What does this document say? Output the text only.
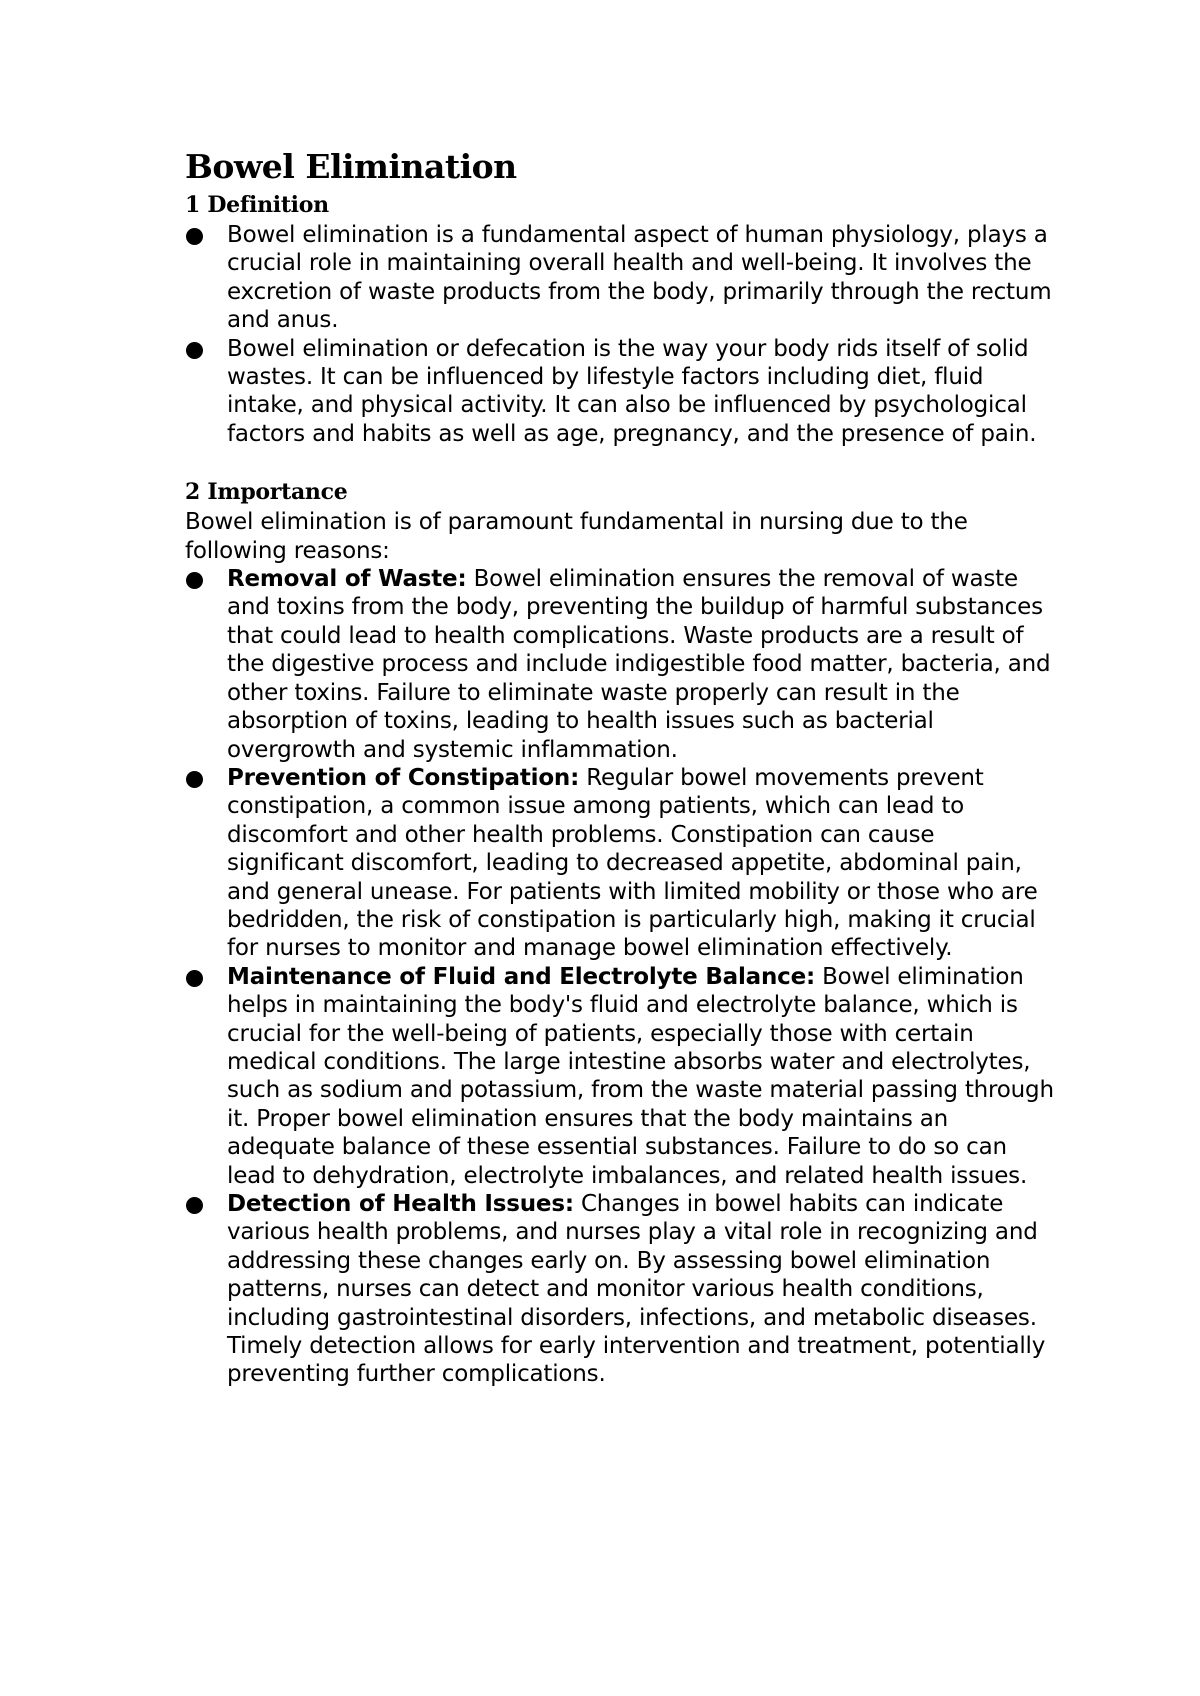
Bowel Elimination
1 Definition
Bowel elimination is a fundamental aspect of human physiology, plays a crucial role in maintaining overall health and well-being. It involves the excretion of waste products from the body, primarily through the rectum and anus.
Bowel elimination or defecation is the way your body rids itself of solid wastes. It can be influenced by lifestyle factors including diet, fluid intake, and physical activity. It can also be influenced by psychological factors and habits as well as age, pregnancy, and the presence of pain.
2 Importance

Bowel elimination is of paramount fundamental in nursing due to the following reasons:

Removal of Waste: Bowel elimination ensures the removal of waste and toxins from the body, preventing the buildup of harmful substances that could lead to health complications. Waste products are a result of the digestive process and include indigestible food matter, bacteria, and other toxins. Failure to eliminate waste properly can result in the absorption of toxins, leading to health issues such as bacterial overgrowth and systemic inflammation.
Prevention of Constipation: Regular bowel movements prevent constipation, a common issue among patients, which can lead to discomfort and other health problems. Constipation can cause significant discomfort, leading to decreased appetite, abdominal pain, and general unease. For patients with limited mobility or those who are bedridden, the risk of constipation is particularly high, making it crucial for nurses to monitor and manage bowel elimination effectively.
Maintenance of Fluid and Electrolyte Balance: Bowel elimination helps in maintaining the body's fluid and electrolyte balance, which is crucial for the well-being of patients, especially those with certain medical conditions. The large intestine absorbs water and electrolytes, such as sodium and potassium, from the waste material passing through it. Proper bowel elimination ensures that the body maintains an adequate balance of these essential substances. Failure to do so can lead to dehydration, electrolyte imbalances, and related health issues.
Detection of Health Issues: Changes in bowel habits can indicate various health problems, and nurses play a vital role in recognizing and addressing these changes early on. By assessing bowel elimination patterns, nurses can detect and monitor various health conditions, including gastrointestinal disorders, infections, and metabolic diseases. Timely detection allows for early intervention and treatment, potentially preventing further complications.
